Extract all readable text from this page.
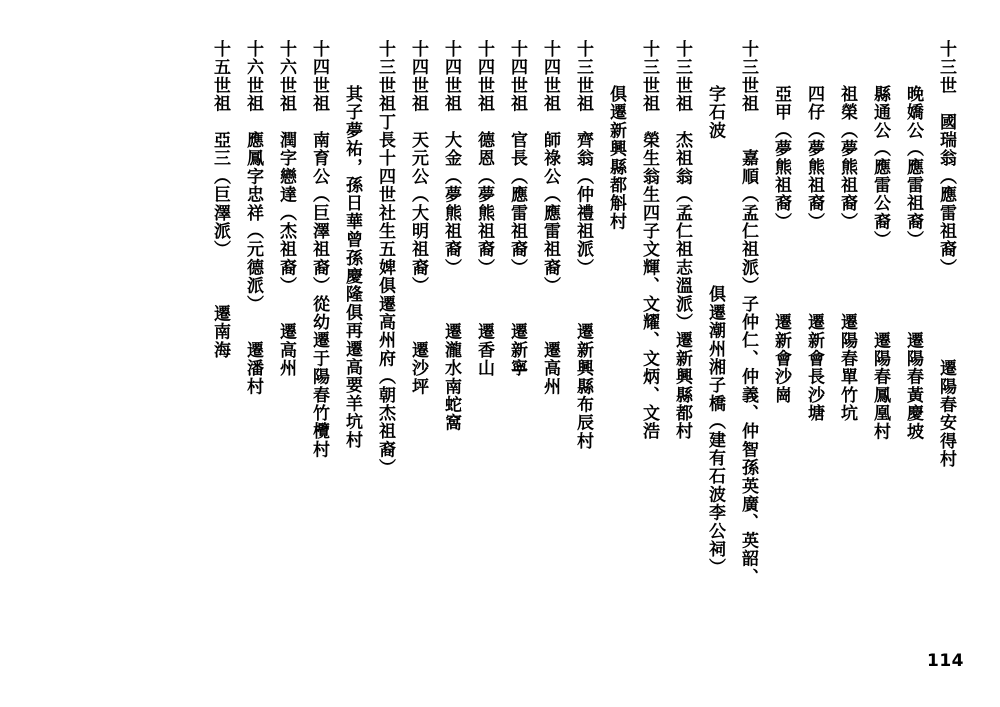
十三世　國瑞翁（應雷祖裔）　　　　　遷陽春安得村
晚嬌公（應雷祖裔）　　　　　遷陽春黃慶坡
縣通公（應雷公裔）　　　　　遷陽春鳳凰村
祖榮（夢熊祖裔）　　　　　遷陽春單竹坑
四仔（夢熊祖裔）　　　　　遷新會長沙塘
亞甲（夢熊祖裔）　　　　　遷新會沙崗
十三世祖　　嘉順（孟仁祖派）子仲仁、仲義、仲智孫英廣、英韶、
字石波　　　　　　　　俱遷潮州湘子橋（建有石波李公祠）
十三世祖　杰祖翁（孟仁祖志溫派）遷新興縣都村
十三世祖　榮生翁生四子文輝、文耀、文炳、文浩
俱遷新興縣都斛村
十三世祖　齊翁（仲禮祖派）　　　遷新興縣布辰村
十四世祖　師祿公（應雷祖裔）　　　遷高州
十四世祖　官長（應雷祖裔）　　　遷新寧
十四世祖　德恩（夢熊祖裔）　　　遷香山
十四世祖　大金（夢熊祖裔）　　　遷瀧水南蛇窩
十四世祖　天元公（大明祖裔）　　　遷沙坪
十三世祖丁長十四世社生五婢俱遷高州府（朝杰祖裔）
其子夢祐，孫日華曾孫慶隆俱再遷高要羊坑村
十四世祖　南育公（巨澤祖裔）從幼遷于陽春竹欖村
十六世祖　潤字戀達（杰祖裔）　　遷高州
十六世祖　應鳳字忠祥（元德派）　　遷潘村
十五世祖　亞三（巨澤派）　　　遷南海
114
